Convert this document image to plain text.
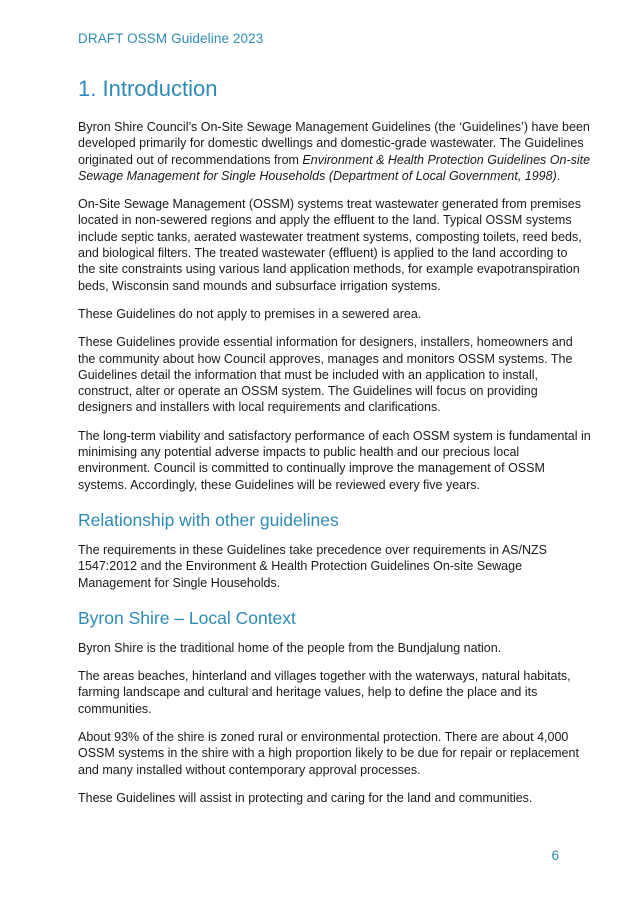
DRAFT OSSM Guideline 2023
1. Introduction

Byron Shire Council’s On-Site Sewage Management Guidelines (the ‘Guidelines’) have been
developed primarily for domestic dwellings and domestic-grade wastewater. The Guidelines
originated out of recommendations from Environment & Health Protection Guidelines On-site
Sewage Management for Single Households (Department of Local Government, 1998).

On-Site Sewage Management (OSSM) systems treat wastewater generated from premises
located in non-sewered regions and apply the effluent to the land. Typical OSSM systems
include septic tanks, aerated wastewater treatment systems, composting toilets, reed beds,
and biological filters. The treated wastewater (effluent) is applied to the land according to
the site constraints using various land application methods, for example evapotranspiration
beds, Wisconsin sand mounds and subsurface irrigation systems.

These Guidelines do not apply to premises in a sewered area.

These Guidelines provide essential information for designers, installers, homeowners and
the community about how Council approves, manages and monitors OSSM systems. The
Guidelines detail the information that must be included with an application to install,
construct, alter or operate an OSSM system. The Guidelines will focus on providing
designers and installers with local requirements and clarifications.

The long-term viability and satisfactory performance of each OSSM system is fundamental in
minimising any potential adverse impacts to public health and our precious local
environment. Council is committed to continually improve the management of OSSM
systems. Accordingly, these Guidelines will be reviewed every five years.

Relationship with other guidelines

The requirements in these Guidelines take precedence over requirements in AS/NZS
1547:2012 and the Environment & Health Protection Guidelines On-site Sewage
Management for Single Households.

Byron Shire – Local Context

Byron Shire is the traditional home of the people from the Bundjalung nation.

The areas beaches, hinterland and villages together with the waterways, natural habitats,
farming landscape and cultural and heritage values, help to define the place and its
communities.

About 93% of the shire is zoned rural or environmental protection. There are about 4,000
OSSM systems in the shire with a high proportion likely to be due for repair or replacement
and many installed without contemporary approval processes.

These Guidelines will assist in protecting and caring for the land and communities.

6
